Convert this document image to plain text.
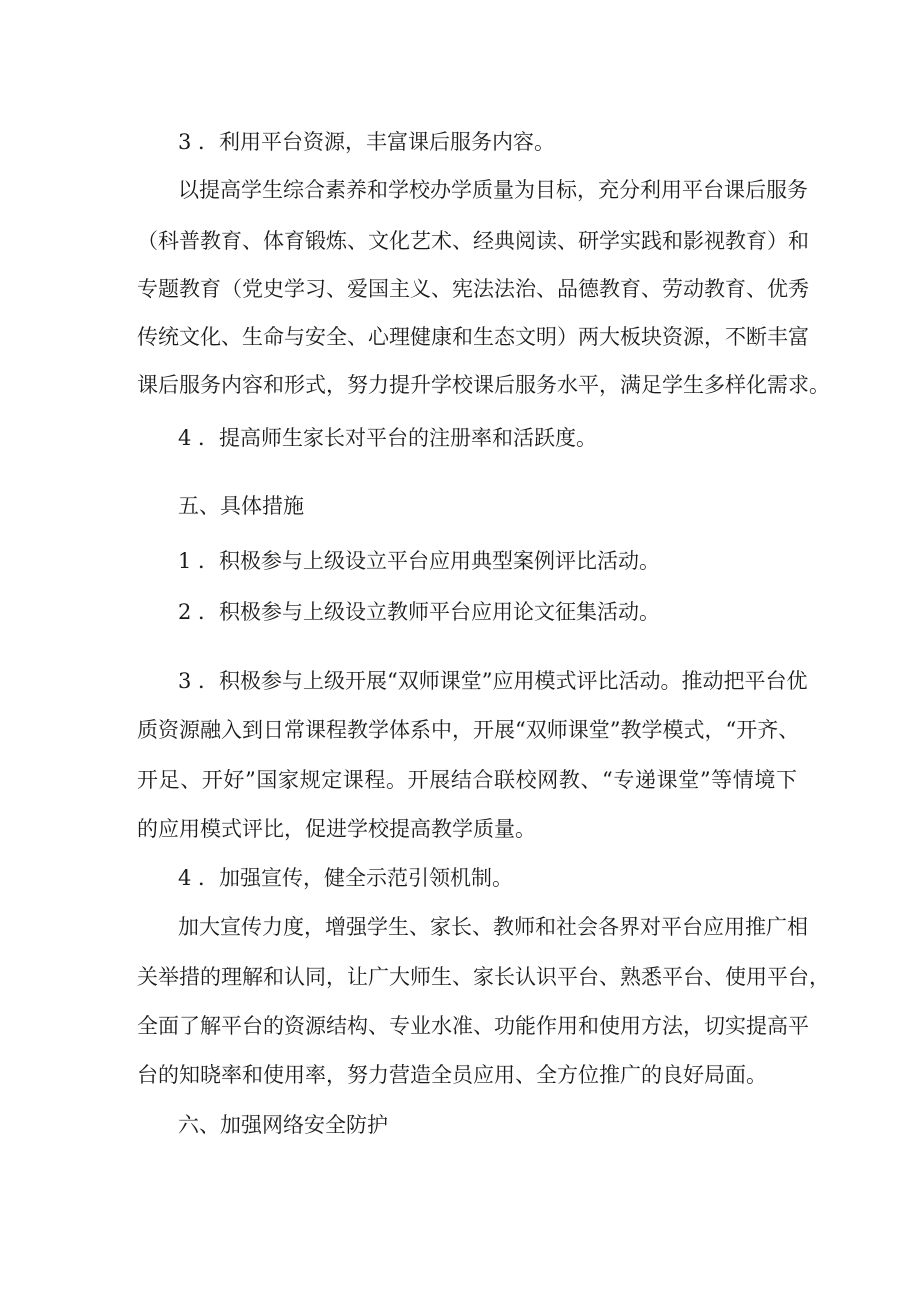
3 ．利用平台资源，丰富课后服务内容。
以提高学生综合素养和学校办学质量为目标，充分利用平台课后服务
（科普教育、体育锻炼、文化艺术、经典阅读、研学实践和影视教育）和
专题教育（党史学习、爱国主义、宪法法治、品德教育、劳动教育、优秀
传统文化、生命与安全、心理健康和生态文明）两大板块资源，不断丰富
课后服务内容和形式，努力提升学校课后服务水平，满足学生多样化需求。
4 ．提高师生家长对平台的注册率和活跃度。
五、具体措施
1 ．积极参与上级设立平台应用典型案例评比活动。
2 ．积极参与上级设立教师平台应用论文征集活动。
3 ．积极参与上级开展“双师课堂”应用模式评比活动。推动把平台优
质资源融入到日常课程教学体系中，开展“双师课堂”教学模式，“开齐、
开足、开好”国家规定课程。开展结合联校网教、“专递课堂”等情境下
的应用模式评比，促进学校提高教学质量。
4 ．加强宣传，健全示范引领机制。
加大宣传力度，增强学生、家长、教师和社会各界对平台应用推广相
关举措的理解和认同，让广大师生、家长认识平台、熟悉平台、使用平台，
全面了解平台的资源结构、专业水准、功能作用和使用方法，切实提高平
台的知晓率和使用率，努力营造全员应用、全方位推广的良好局面。
六、加强网络安全防护
